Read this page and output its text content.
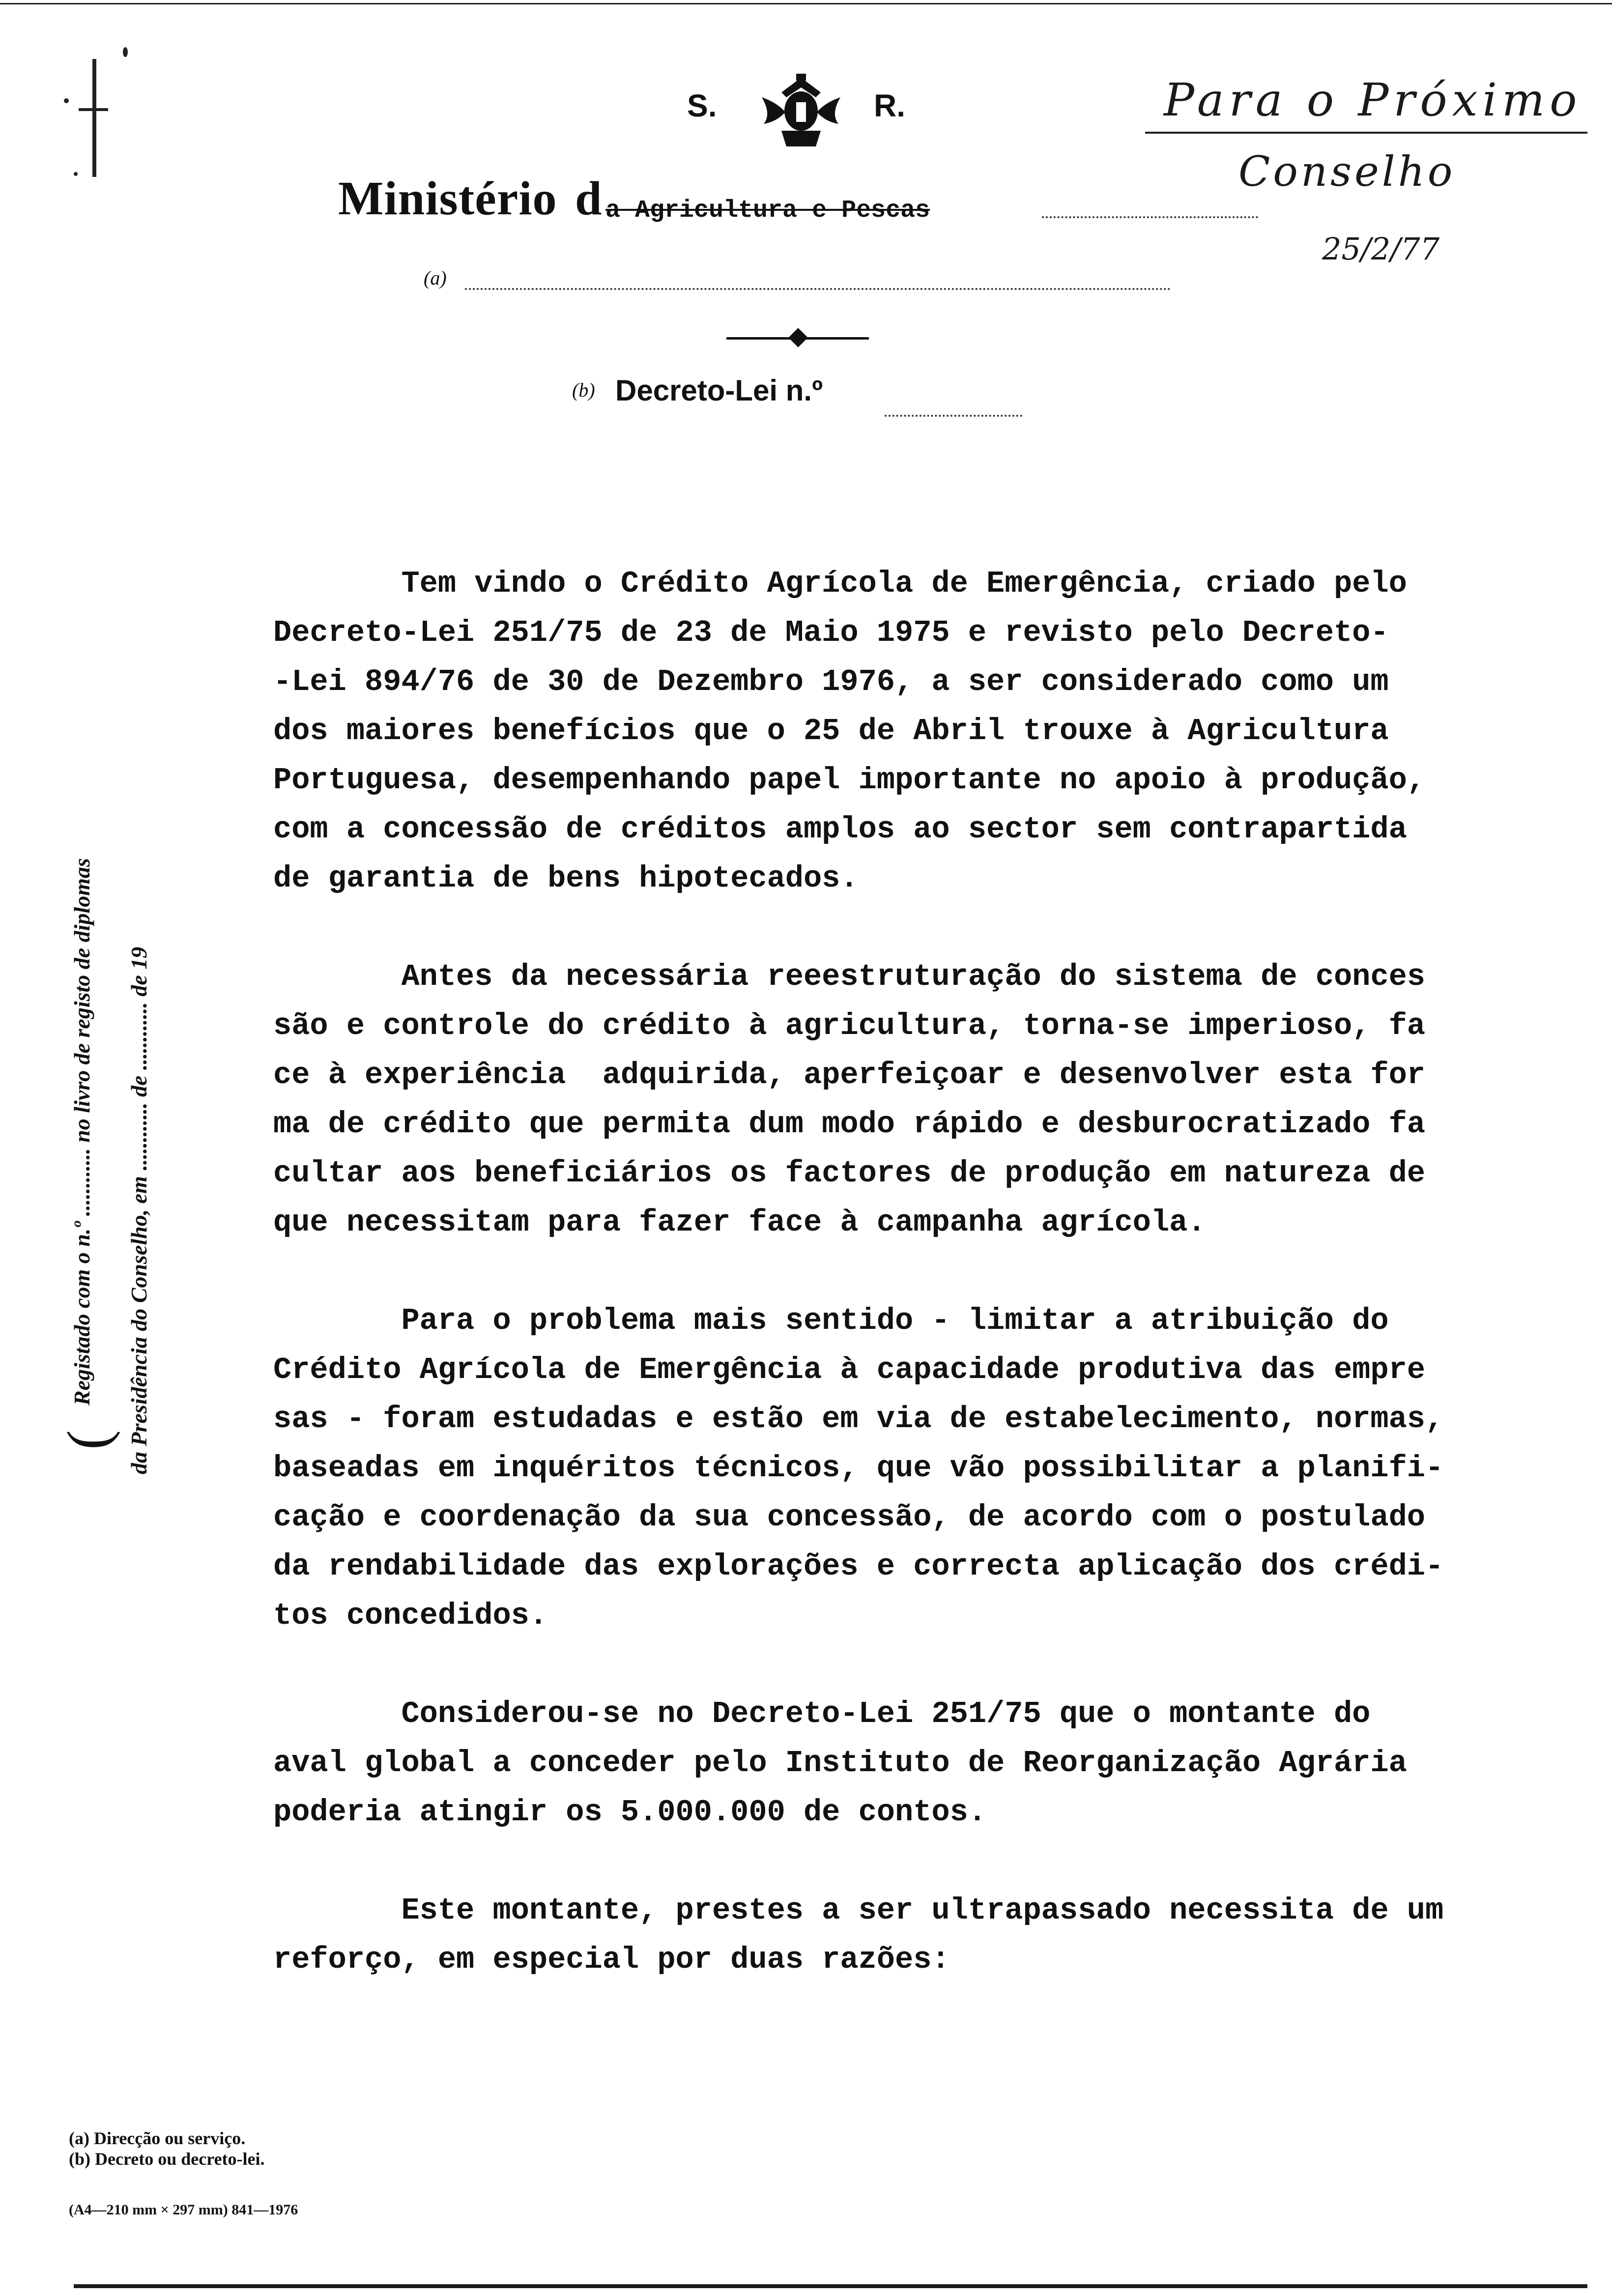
S.	R.
Ministério d a Agricultura e Pescas
(a)
(b) Decreto-Lei n.º
Para o Próximo
Conselho
25/2/77
(
Registado com o n.º ............ no livro de registo de diplomas da Presidência do Conselho, em ............ de ............ de 19

Tem vindo o Crédito Agrícola de Emergência, criado pelo
Decreto-Lei 251/75 de 23 de Maio 1975 e revisto pelo Decreto-
-Lei 894/76 de 30 de Dezembro 1976, a ser considerado como um
dos maiores benefícios que o 25 de Abril trouxe à Agricultura
Portuguesa, desempenhando papel importante no apoio à produção,
com a concessão de créditos amplos ao sector sem contrapartida
de garantia de bens hipotecados.

Antes da necessária reeestruturação do sistema de conces
são e controle do crédito à agricultura, torna-se imperioso, fa
ce à experiência  adquirida, aperfeiçoar e desenvolver esta for
ma de crédito que permita dum modo rápido e desburocratizado fa
cultar aos beneficiários os factores de produção em natureza de
que necessitam para fazer face à campanha agrícola.

Para o problema mais sentido - limitar a atribuição do
Crédito Agrícola de Emergência à capacidade produtiva das empre
sas - foram estudadas e estão em via de estabelecimento, normas,
baseadas em inquéritos técnicos, que vão possibilitar a planifi-
cação e coordenação da sua concessão, de acordo com o postulado
da rendabilidade das explorações e correcta aplicação dos crédi-
tos concedidos.

Considerou-se no Decreto-Lei 251/75 que o montante do
aval global a conceder pelo Instituto de Reorganização Agrária
poderia atingir os 5.000.000 de contos.

Este montante, prestes a ser ultrapassado necessita de um
reforço, em especial por duas razões:

(a) Direcção ou serviço.

(b) Decreto ou decreto-lei.

(A4—210 mm × 297 mm) 841—1976
